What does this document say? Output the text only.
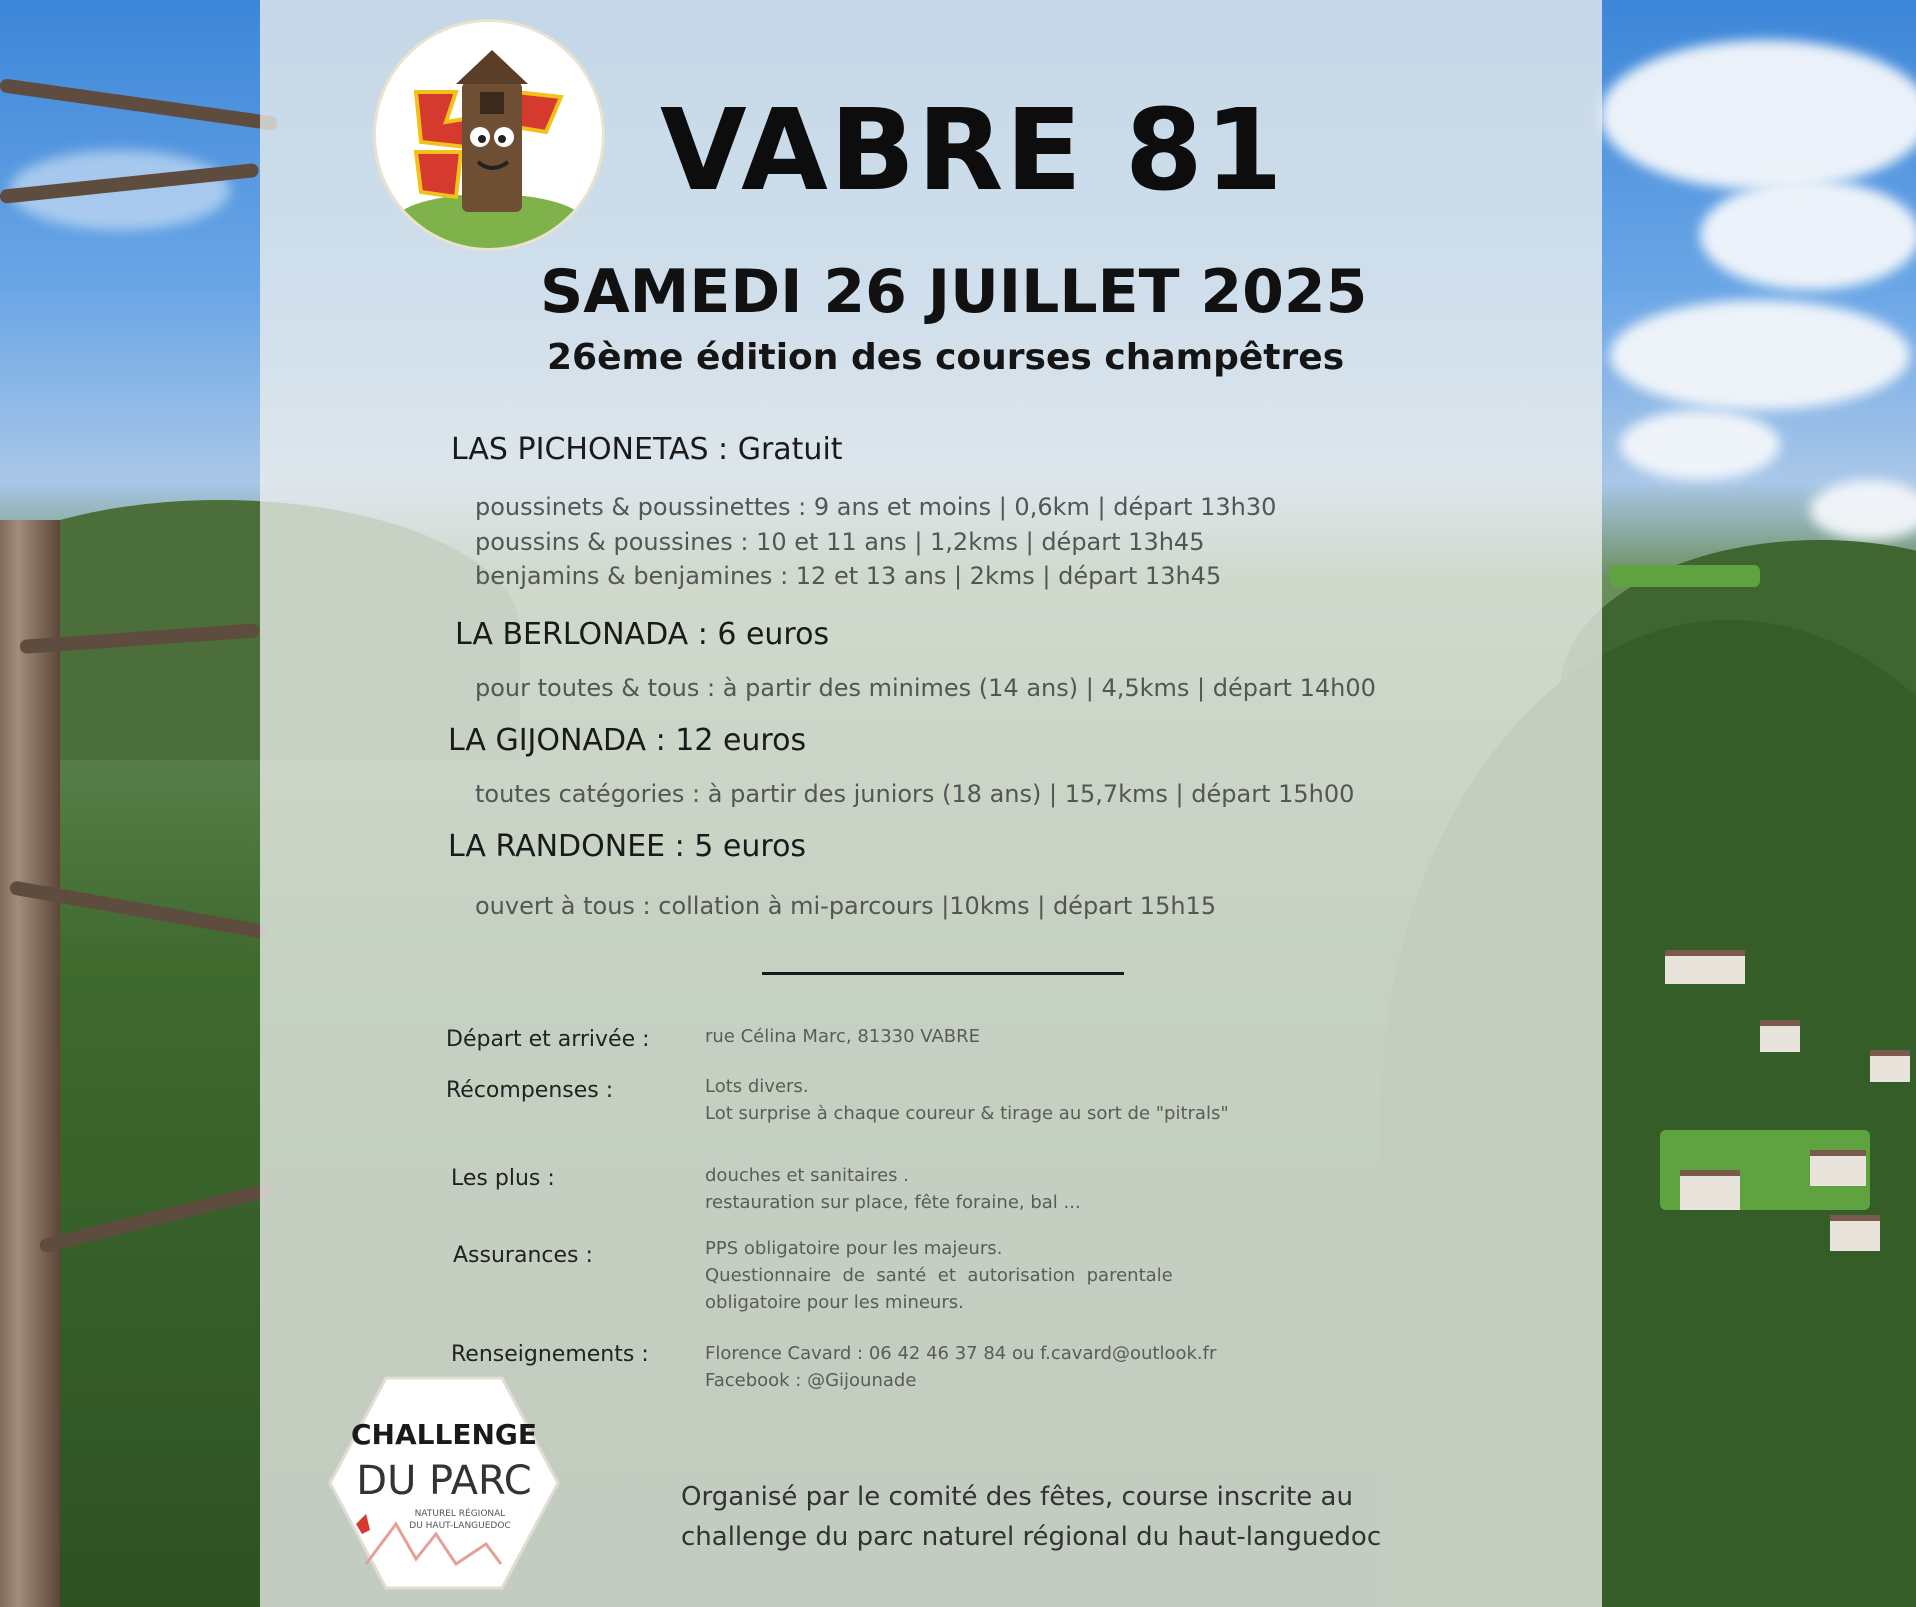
VABRE 81
SAMEDI 26 JUILLET 2025
26ème édition des courses champêtres
LAS PICHONETAS : Gratuit
poussinets & poussinettes : 9 ans et moins | 0,6km | départ 13h30
poussins & poussines : 10 et 11 ans | 1,2kms | départ 13h45
benjamins & benjamines : 12 et 13 ans | 2kms | départ 13h45
LA BERLONADA : 6 euros
pour toutes & tous : à partir des minimes (14 ans) | 4,5kms | départ 14h00
LA GIJONADA : 12 euros
toutes catégories : à partir des juniors (18 ans) | 15,7kms | départ 15h00
LA RANDONEE : 5 euros
ouvert à tous : collation à mi-parcours |10kms | départ 15h15
Départ et arrivée :	rue Célina Marc, 81330 VABRE
Récompenses :	Lots divers.
Lot surprise à chaque coureur & tirage au sort de "pitrals"
Les plus :	douches et sanitaires .
restauration sur place, fête foraine, bal ...
Assurances :	PPS obligatoire pour les majeurs.
Questionnaire  de  santé  et  autorisation  parentale
obligatoire pour les mineurs.
Renseignements :	Florence Cavard : 06 42 46 37 84 ou f.cavard@outlook.fr
Facebook : @Gijounade
CHALLENGE
DU PARC
NATUREL RÉGIONAL
DU HAUT-LANGUEDOC
Organisé par le comité des fêtes, course inscrite au
challenge du parc naturel régional du haut-languedoc
